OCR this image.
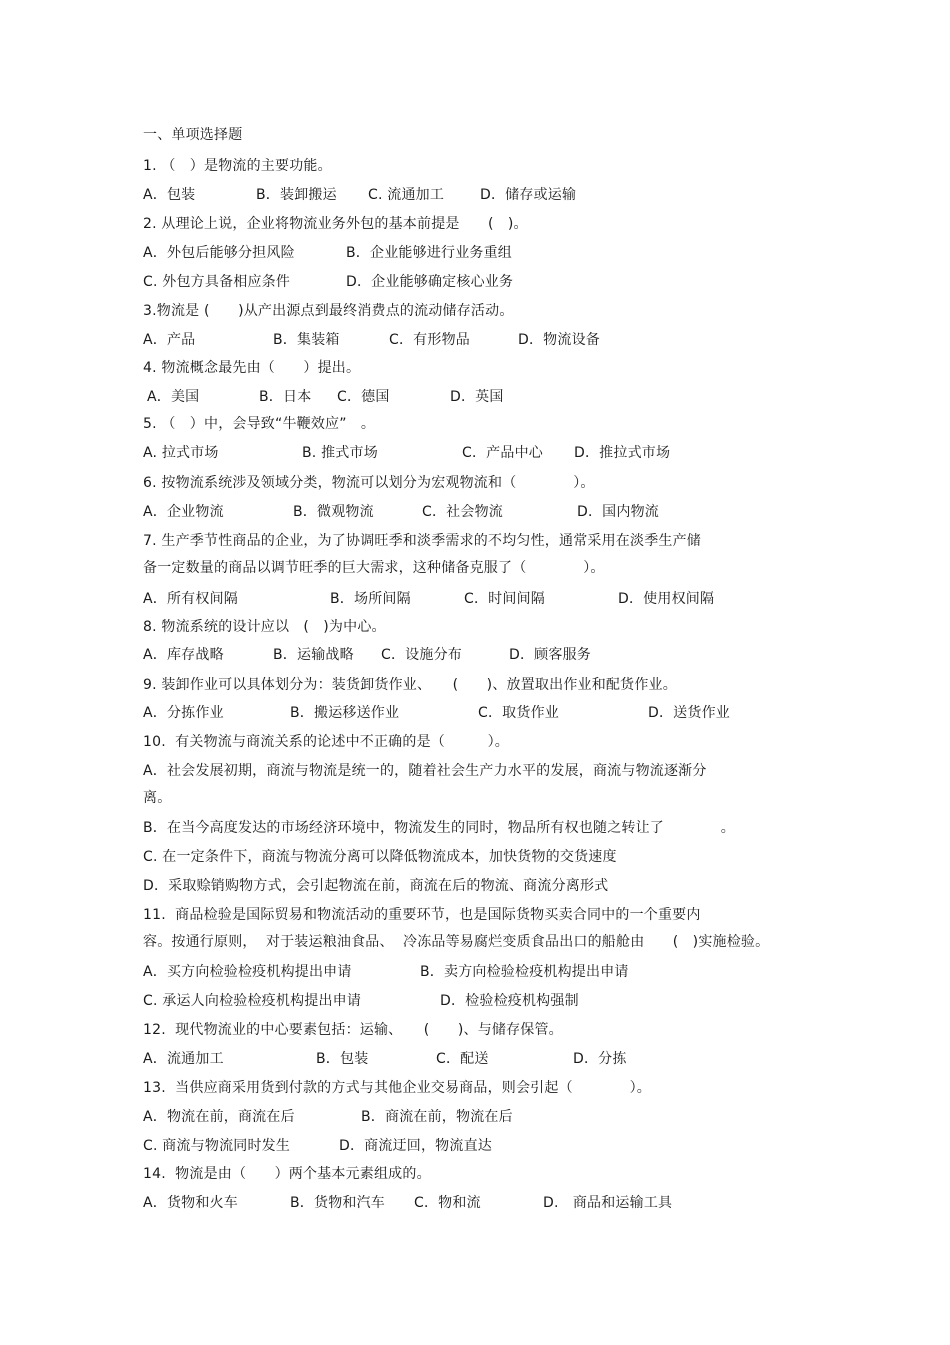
一、单项选择题
1. （　）是物流的主要功能。
A．包装	B．装卸搬运 C. 流通加工	D．储存或运输
2. 从理论上说，企业将物流业务外包的基本前提是　　(　)。
A．外包后能够分担风险	B．企业能够进行业务重组
C. 外包方具备相应条件	D．企业能够确定核心业务
3.物流是 (　　)从产出源点到最终消费点的流动储存活动。
A．产品	B．集装箱	C．有形物品	D．物流设备
4. 物流概念最先由（　　）提出。
A．美国	B．日本 C．德国	D．英国
5. （　）中，会导致“牛鞭效应”　。
A. 拉式市场	B. 推式市场	C．产品中心 D．推拉式市场
6. 按物流系统涉及领域分类，物流可以划分为宏观物流和（　　　　）。
A．企业物流	B．微观物流	C．社会物流	D．国内物流
7. 生产季节性商品的企业，为了协调旺季和淡季需求的不均匀性，通常采用在淡季生产储
备一定数量的商品以调节旺季的巨大需求，这种储备克服了（　　　　）。
A．所有权间隔	B．场所间隔	C．时间间隔	D．使用权间隔
8. 物流系统的设计应以　(　)为中心。
A．库存战略	B．运输战略 C．设施分布	D．顾客服务
9. 装卸作业可以具体划分为：装货卸货作业、　　(　　)、放置取出作业和配货作业。
A．分拣作业	B．搬运移送作业	C．取货作业	D．送货作业
10.  有关物流与商流关系的论述中不正确的是（　　　）。
A．社会发展初期，商流与物流是统一的，随着社会生产力水平的发展，商流与物流逐渐分
离。
B．在当今高度发达的市场经济环境中，物流发生的同时，物品所有权也随之转让了　　　　。
C. 在一定条件下，商流与物流分离可以降低物流成本，加快货物的交货速度
D．采取赊销购物方式，会引起物流在前，商流在后的物流、商流分离形式
11.  商品检验是国际贸易和物流活动的重要环节，也是国际货物买卖合同中的一个重要内
容。按通行原则，  对于装运粮油食品、  冷冻品等易腐烂变质食品出口的船舱由　　(　)实施检验。
A．买方向检验检疫机构提出申请	B．卖方向检验检疫机构提出申请
C. 承运人向检验检疫机构提出申请	D．检验检疫机构强制
12.  现代物流业的中心要素包括：运输、　　(　　)、与储存保管。
A．流通加工	B．包装	C．配送	D．分拣
13.  当供应商采用货到付款的方式与其他企业交易商品，则会引起（　　　　）。
A．物流在前，商流在后	B．商流在前，物流在后
C. 商流与物流同时发生	D．商流迂回，物流直达
14.  物流是由（　　）两个基本元素组成的。
A．货物和火车	B．货物和汽车 C．物和流	D.　商品和运输工具
